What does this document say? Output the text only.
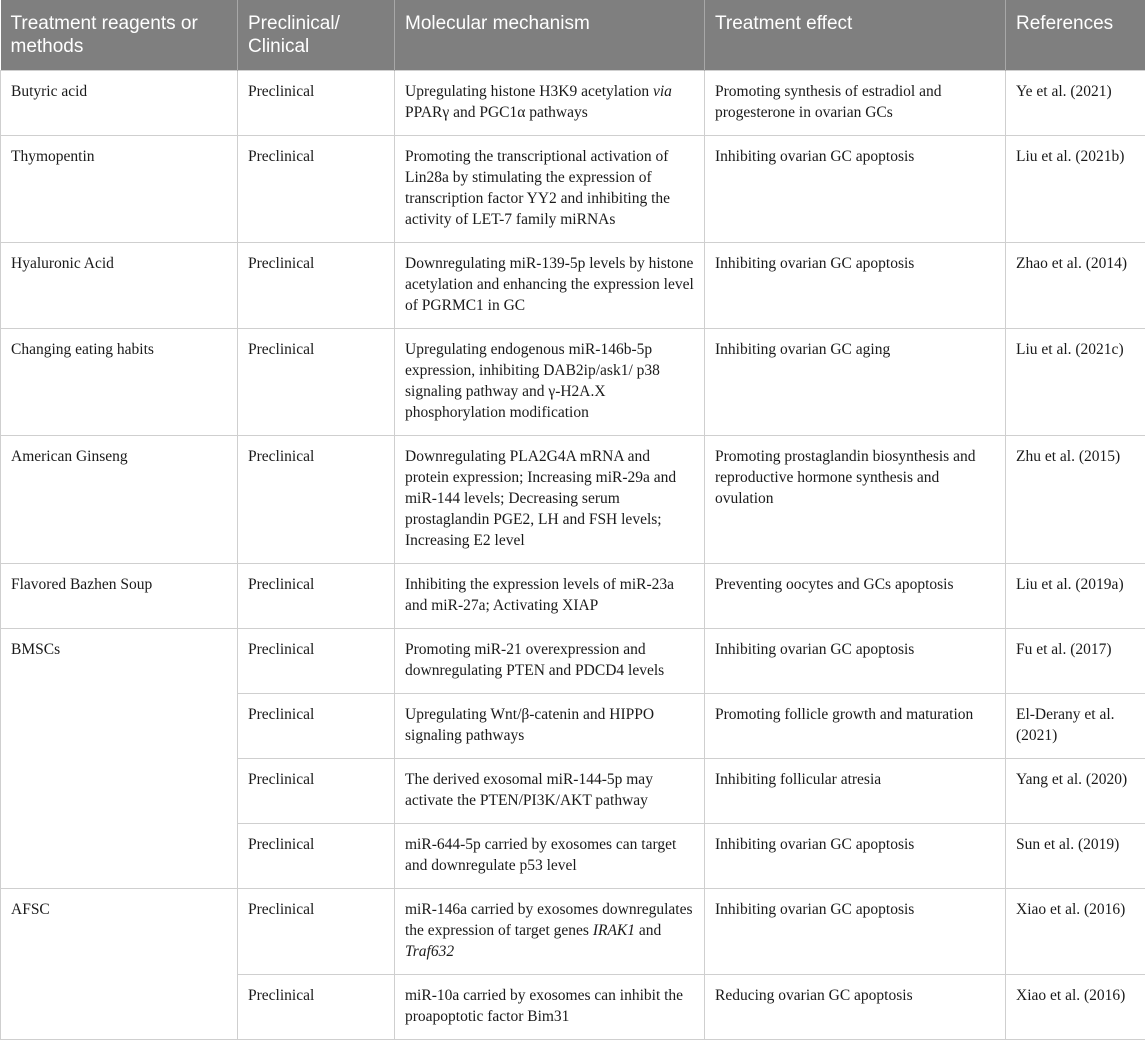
Treatment reagents or methods	Preclinical/ Clinical	Molecular mechanism	Treatment effect	References
Butyric acid	Preclinical	Upregulating histone H3K9 acetylation via PPARγ and PGC1α pathways	Promoting synthesis of estradiol and progesterone in ovarian GCs	Ye et al. (2021)
Thymopentin	Preclinical	Promoting the transcriptional activation of Lin28a by stimulating the expression of transcription factor YY2 and inhibiting the activity of LET-7 family miRNAs	Inhibiting ovarian GC apoptosis	Liu et al. (2021b)
Hyaluronic Acid	Preclinical	Downregulating miR-139-5p levels by histone acetylation and enhancing the expression level of PGRMC1 in GC	Inhibiting ovarian GC apoptosis	Zhao et al. (2014)
Changing eating habits	Preclinical	Upregulating endogenous miR-146b-5p expression, inhibiting DAB2ip/ask1/ p38 signaling pathway and γ-H2A.X phosphorylation modification	Inhibiting ovarian GC aging	Liu et al. (2021c)
American Ginseng	Preclinical	Downregulating PLA2G4A mRNA and protein expression; Increasing miR-29a and miR-144 levels; Decreasing serum prostaglandin PGE2, LH and FSH levels; Increasing E2 level	Promoting prostaglandin biosynthesis and reproductive hormone synthesis and ovulation	Zhu et al. (2015)
Flavored Bazhen Soup	Preclinical	Inhibiting the expression levels of miR-23a and miR-27a; Activating XIAP	Preventing oocytes and GCs apoptosis	Liu et al. (2019a)
BMSCs	Preclinical	Promoting miR-21 overexpression and downregulating PTEN and PDCD4 levels	Inhibiting ovarian GC apoptosis	Fu et al. (2017)
	Preclinical	Upregulating Wnt/β-catenin and HIPPO signaling pathways	Promoting follicle growth and maturation	El-Derany et al. (2021)
	Preclinical	The derived exosomal miR-144-5p may activate the PTEN/PI3K/AKT pathway	Inhibiting follicular atresia	Yang et al. (2020)
	Preclinical	miR-644-5p carried by exosomes can target and downregulate p53 level	Inhibiting ovarian GC apoptosis	Sun et al. (2019)
AFSC	Preclinical	miR-146a carried by exosomes downregulates the expression of target genes IRAK1 and Traf632	Inhibiting ovarian GC apoptosis	Xiao et al. (2016)
	Preclinical	miR-10a carried by exosomes can inhibit the proapoptotic factor Bim31	Reducing ovarian GC apoptosis	Xiao et al. (2016)
